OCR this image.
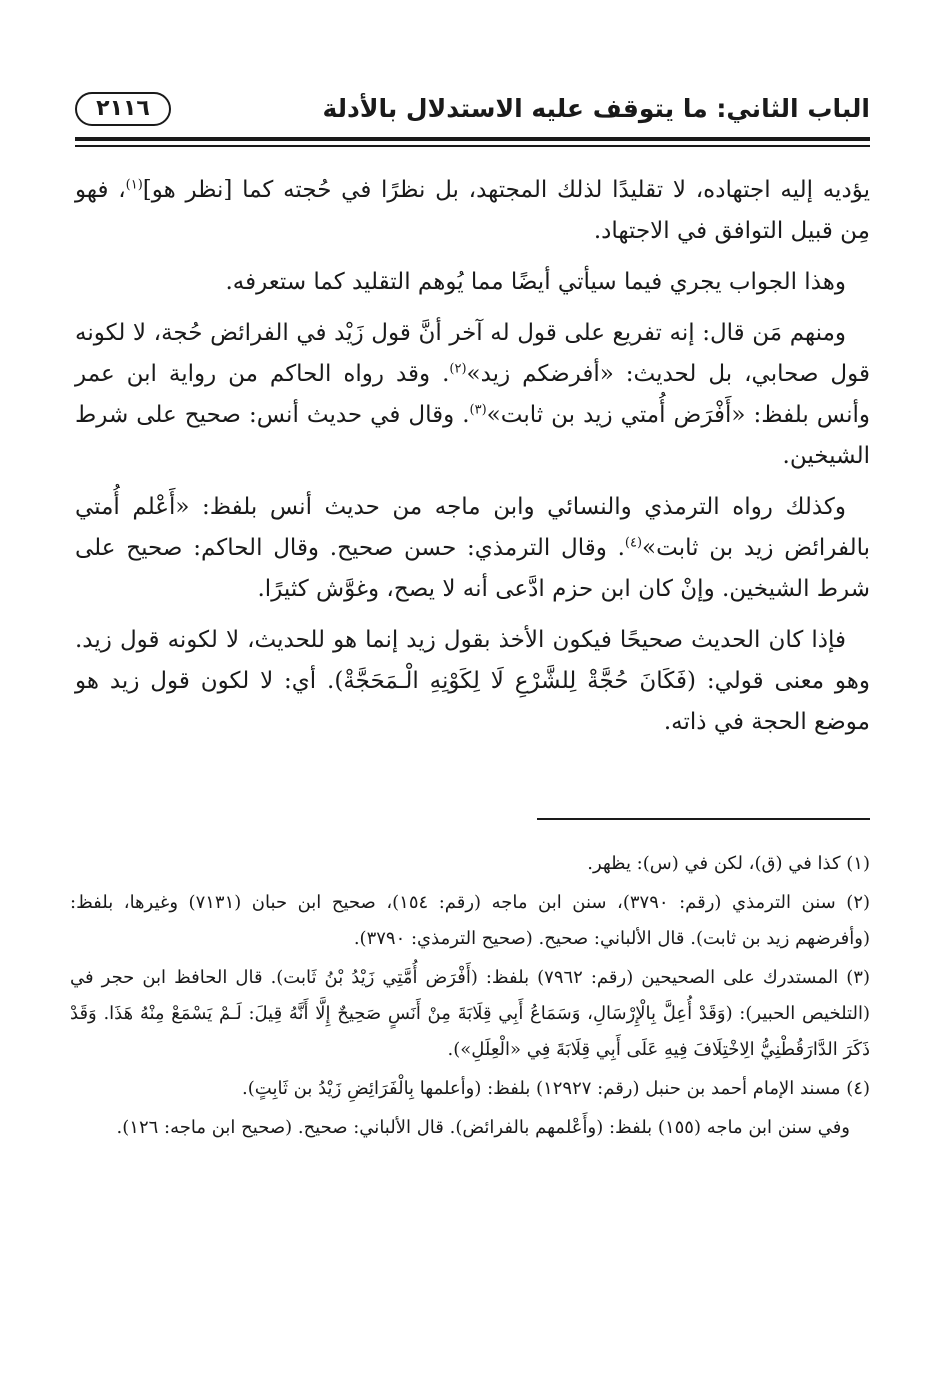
الباب الثاني: ما يتوقف عليه الاستدلال بالأدلة
٢١١٦

يؤديه إليه اجتهاده، لا تقليدًا لذلك المجتهد، بل نظرًا في حُجته كما [نظر هو]$^{(١)}$، فهو مِن قبيل التوافق في الاجتهاد.

وهذا الجواب يجري فيما سيأتي أيضًا مما يُوهم التقليد كما ستعرفه.

ومنهم مَن قال: إنه تفريع على قول له آخر أنَّ قول زَيْد في الفرائض حُجة، لا لكونه قول صحابي، بل لحديث: «أفرضكم زيد»$^{(٢)}$. وقد رواه الحاكم من رواية ابن عمر وأنس بلفظ: «أَفْرَض أُمتي زيد بن ثابت»$^{(٣)}$. وقال في حديث أنس: صحيح على شرط الشيخين.

وكذلك رواه الترمذي والنسائي وابن ماجه من حديث أنس بلفظ: «أَعْلم أُمتي بالفرائض زيد بن ثابت»$^{(٤)}$. وقال الترمذي: حسن صحيح. وقال الحاكم: صحيح على شرط الشيخين. وإنْ كان ابن حزم ادَّعى أنه لا يصح، وغوَّش كثيرًا.

فإذا كان الحديث صحيحًا فيكون الأخذ بقول زيد إنما هو للحديث، لا لكونه قول زيد. وهو معنى قولي: (فَكَانَ حُجَّةْ لِلشَّرْعِ لَا لِكَوْنِهِ الْـمَحَجَّةْ). أي: لا لكون قول زيد هو موضع الحجة في ذاته.

(١) كذا في (ق)، لكن في (س): يظهر.

(٢) سنن الترمذي (رقم: ٣٧٩٠)، سنن ابن ماجه (رقم: ١٥٤)، صحيح ابن حبان (٧١٣١) وغيرها، بلفظ: (وأفرضهم زيد بن ثابت). قال الألباني: صحيح. (صحيح الترمذي: ٣٧٩٠).

(٣) المستدرك على الصحيحين (رقم: ٧٩٦٢) بلفظ: (أَفْرَض أُمَّتِي زَيْدُ بْنُ ثَابت). قال الحافظ ابن حجر في (التلخيص الحبير): (وَقَدْ أُعِلَّ بِالْإِرْسَالِ، وَسَمَاعُ أَبِي قِلَابَةَ مِنْ أَنَسٍ صَحِيحٌ إِلَّا أَنَّهُ قِيلَ: لَـمْ يَسْمَعْ مِنْهُ هَذَا. وَقَدْ ذَكَرَ الدَّارَقُطْنِيُّ الِاخْتِلَافَ فِيهِ عَلَى أَبِي قِلَابَةَ فِي «الْعِلَلِ»).

(٤) مسند الإمام أحمد بن حنبل (رقم: ١٢٩٢٧) بلفظ: (وأعلمها بِالْفَرَائِضِ زَيْدُ بن ثَابِتٍ).

وفي سنن ابن ماجه (١٥٥) بلفظ: (وأَعْلمهم بالفرائض). قال الألباني: صحيح. (صحيح ابن ماجه: ١٢٦).
